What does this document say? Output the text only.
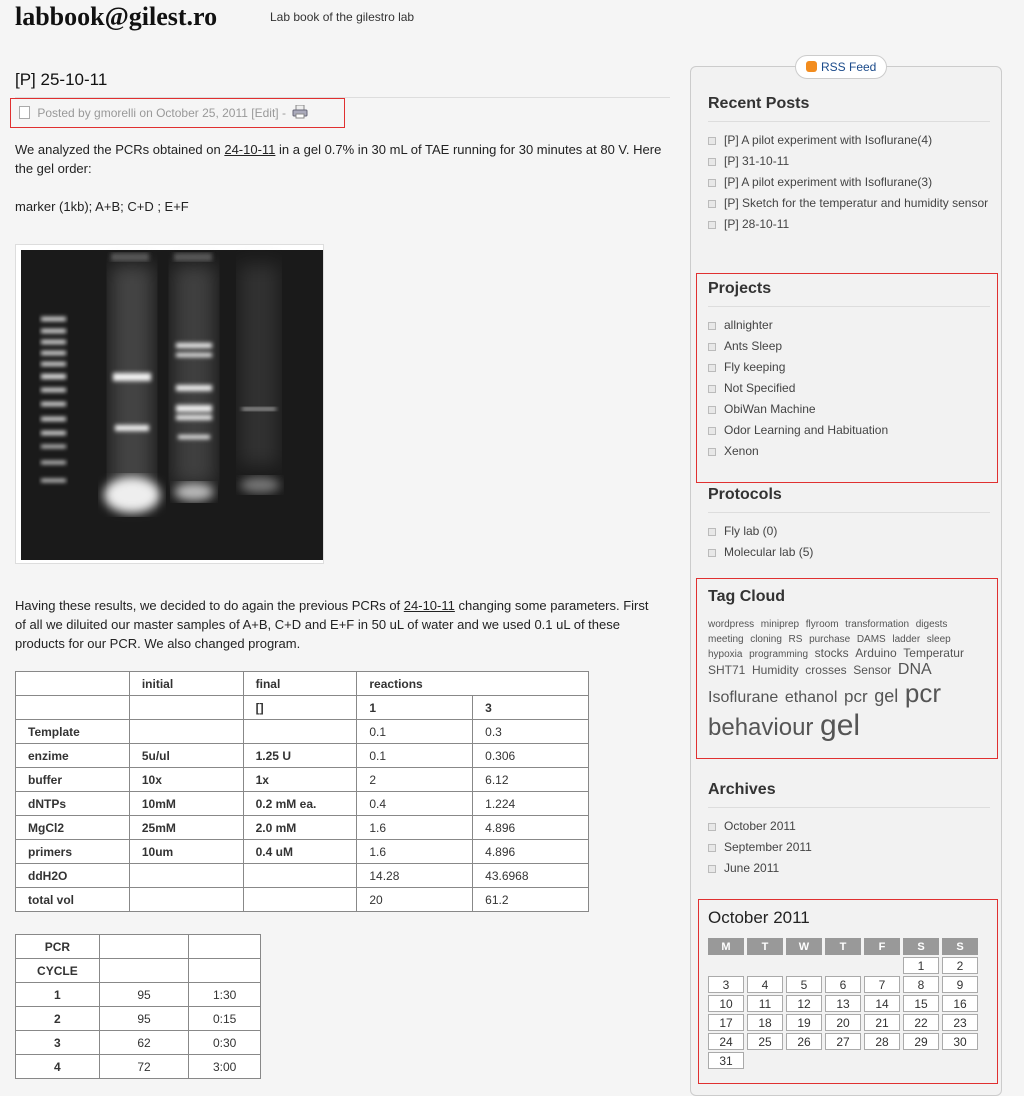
labbook@gilest.ro	Lab book of the gilestro lab
[P] 25-10-11
Posted by gmorelli on October 25, 2011 [Edit] -

We analyzed the PCRs obtained on 24-10-11 in a gel 0.7% in 30 mL of TAE running for 30 minutes at 80 V. Here the gel order:

marker (1kb); A+B; C+D ; E+F

Having these results, we decided to do again the previous PCRs of 24-10-11 changing some parameters. First of all we diluited our master samples of A+B, C+D and E+F in 50 uL of water and we used 0.1 uL of these products for our PCR. We also changed program.

	initial	final	reactions	
		[]	1	3
Template			0.1	0.3
enzime	5u/ul	1.25 U	0.1	0.306
buffer	10x	1x	2	6.12
dNTPs	10mM	0.2 mM ea.	0.4	1.224
MgCl2	25mM	2.0 mM	1.6	4.896
primers	10um	0.4 uM	1.6	4.896
ddH2O			14.28	43.6968
total vol			20	61.2
PCR		
CYCLE		
1	95	1:30
2	95	0:15
3	62	0:30
4	72	3:00
RSS Feed
Recent Posts
[P] A pilot experiment with Isoflurane(4)
[P] 31-10-11
[P] A pilot experiment with Isoflurane(3)
[P] Sketch for the temperatur and humidity sensor
[P] 28-10-11
Projects
allnighter
Ants Sleep
Fly keeping
Not Specified
ObiWan Machine
Odor Learning and Habituation
Xenon
Protocols
Fly lab (0)
Molecular lab (5)
Tag Cloud
wordpress miniprep flyroom transformation digests meeting cloning RS purchase DAMS ladder sleep hypoxia programming stocks Arduino Temperatur SHT71 Humidity crosses Sensor DNA Isoflurane ethanol pcr gel pcr behaviour gel
Archives
October 2011
September 2011
June 2011
October 2011
M	T	W	T	F	S	S
					1	2
3	4	5	6	7	8	9
10	11	12	13	14	15	16
17	18	19	20	21	22	23
24	25	26	27	28	29	30
31						
